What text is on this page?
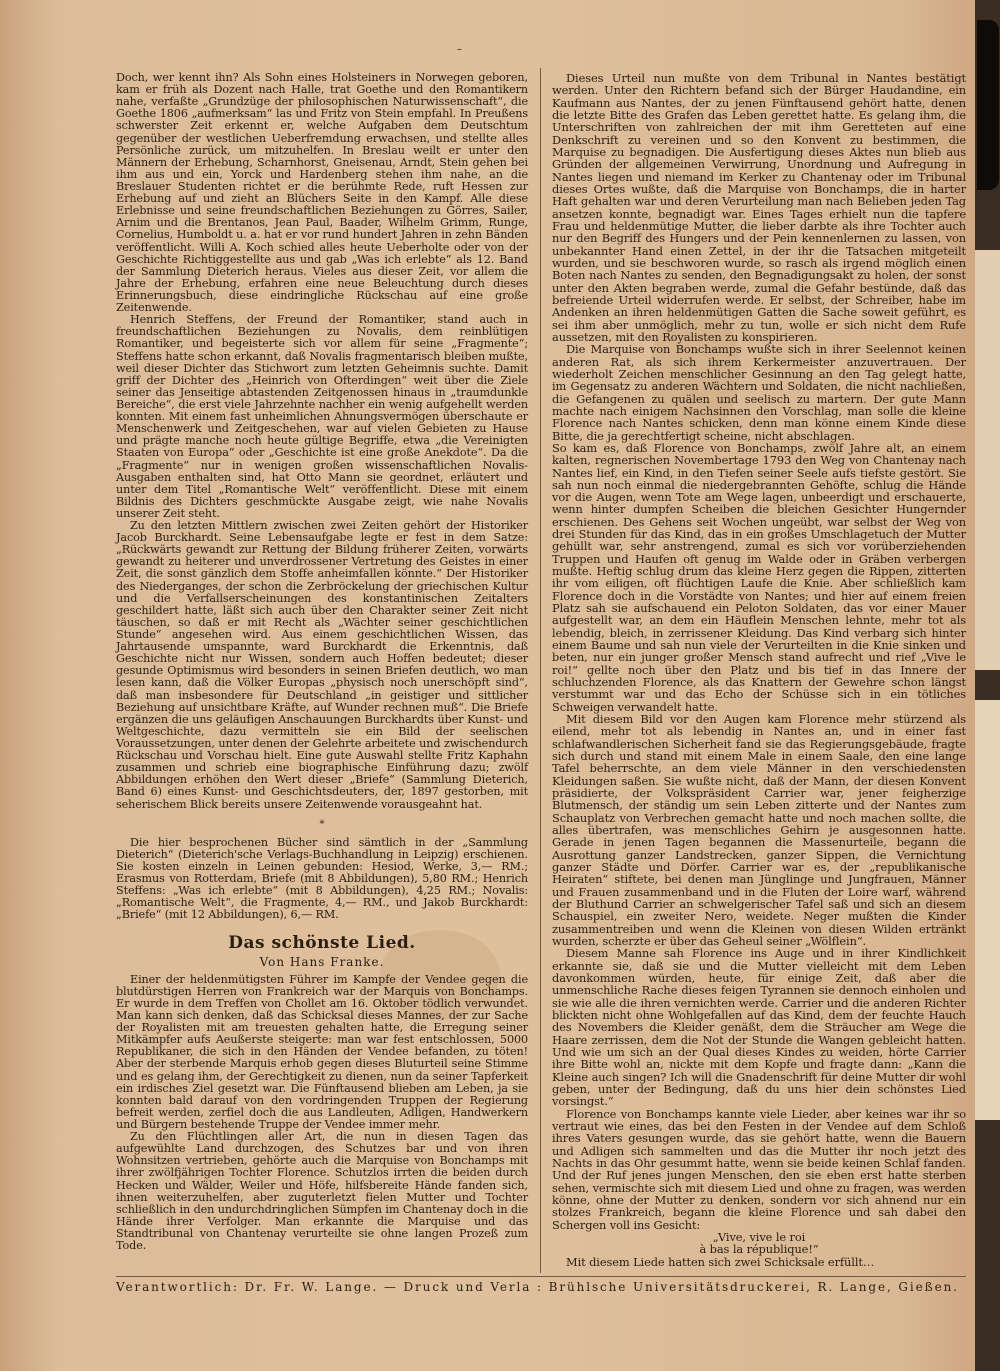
–

Doch, wer kennt ihn? Als Sohn eines Holsteiners in Norwegen geboren, kam er früh als Dozent nach Halle, trat Goethe und den Romantikern nahe, verfaßte „Grundzüge der philosophischen Naturwissenschaft“, die Goethe 1806 „aufmerksam“ las und Fritz von Stein empfahl. In Preußens schwerster Zeit erkennt er, welche Aufgaben dem Deutschtum gegenüber der westlichen Ueberfremdung erwachsen, und stellte alles Persönliche zurück, um mitzuhelfen. In Breslau weilt er unter den Männern der Erhebung, Scharnhorst, Gneisenau, Arndt, Stein gehen bei ihm aus und ein, Yorck und Hardenberg stehen ihm nahe, an die Breslauer Studenten richtet er die berühmte Rede, ruft Hessen zur Erhebung auf und zieht an Blüchers Seite in den Kampf. Alle diese Erlebnisse und seine freundschaftlichen Beziehungen zu Görres, Sailer, Arnim und die Brentanos, Jean Paul, Baader, Wilhelm Grimm, Runge, Cornelius, Humboldt u. a. hat er vor rund hundert Jahren in zehn Bänden veröffentlicht. Willi A. Koch schied alles heute Ueberholte oder von der Geschichte Richtiggestellte aus und gab „Was ich erlebte“ als 12. Band der Sammlung Dieterich heraus. Vieles aus dieser Zeit, vor allem die Jahre der Erhebung, erfahren eine neue Beleuchtung durch dieses Erinnerungsbuch, diese eindringliche Rückschau auf eine große Zeitenwende.

Henrich Steffens, der Freund der Romantiker, stand auch in freundschaftlichen Beziehungen zu Novalis, dem reinblütigen Romantiker, und begeisterte sich vor allem für seine „Fragmente“; Steffens hatte schon erkannt, daß Novalis fragmentarisch bleiben mußte, weil dieser Dichter das Stichwort zum letzten Geheimnis suchte. Damit griff der Dichter des „Heinrich von Ofterdingen“ weit über die Ziele seiner das Jenseitige abtastenden Zeitgenossen hinaus in „traumdunkle Bereiche“, die erst viele Jahrzehnte nachher ein wenig aufgehellt werden konnten. Mit einem fast unheimlichen Ahnungsvermögen überschaute er Menschenwerk und Zeitgeschehen, war auf vielen Gebieten zu Hause und prägte manche noch heute gültige Begriffe, etwa „die Vereinigten Staaten von Europa“ oder „Geschichte ist eine große Anekdote“. Da die „Fragmente“ nur in wenigen großen wissenschaftlichen Novalis-Ausgaben enthalten sind, hat Otto Mann sie geordnet, erläutert und unter dem Titel „Romantische Welt“ veröffentlicht. Diese mit einem Bildnis des Dichters geschmückte Ausgabe zeigt, wie nahe Novalis unserer Zeit steht.

Zu den letzten Mittlern zwischen zwei Zeiten gehört der Historiker Jacob Burckhardt. Seine Lebensaufgabe legte er fest in dem Satze: „Rückwärts gewandt zur Rettung der Bildung früherer Zeiten, vorwärts gewandt zu heiterer und unverdrossener Vertretung des Geistes in einer Zeit, die sonst gänzlich dem Stoffe anheimfallen könnte.“ Der Historiker des Niederganges, der schon die Zerbröckelung der griechischen Kultur und die Verfallserscheinungen des konstantinischen Zeitalters geschildert hatte, läßt sich auch über den Charakter seiner Zeit nicht täuschen, so daß er mit Recht als „Wächter seiner geschichtlichen Stunde“ angesehen wird. Aus einem geschichtlichen Wissen, das Jahrtausende umspannte, ward Burckhardt die Erkenntnis, daß Geschichte nicht nur Wissen, sondern auch Hoffen bedeutet; dieser gesunde Optimismus wird besonders in seinen Briefen deutlich, wo man lesen kann, daß die Völker Europas „physisch noch unerschöpft sind“, daß man insbesondere für Deutschland „in geistiger und sittlicher Beziehung auf unsichtbare Kräfte, auf Wunder rechnen muß“. Die Briefe ergänzen die uns geläufigen Anschauungen Burckhardts über Kunst- und Weltgeschichte, dazu vermitteln sie ein Bild der seelischen Voraussetzungen, unter denen der Gelehrte arbeitete und zwischendurch Rückschau und Vorschau hielt. Eine gute Auswahl stellte Fritz Kaphahn zusammen und schrieb eine biographische Einführung dazu; zwölf Abbildungen erhöhen den Wert dieser „Briefe“ (Sammlung Dieterich, Band 6) eines Kunst- und Geschichtsdeuters, der, 1897 gestorben, mit seherischem Blick bereits unsere Zeitenwende vorausgeahnt hat.

*

Die hier besprochenen Bücher sind sämtlich in der „Sammlung Dieterich“ (Dieterich'sche Verlags-Buchhandlung in Leipzig) erschienen. Sie kosten einzeln in Leinen gebunden: Hesiod, Werke, 3,— RM.; Erasmus von Rotterdam, Briefe (mit 8 Abbildungen), 5,80 RM.; Henrich Steffens: „Was ich erlebte“ (mit 8 Abbildungen), 4,25 RM.; Novalis: „Romantische Welt“, die Fragmente, 4,— RM., und Jakob Burckhardt: „Briefe“ (mit 12 Abbildungen), 6,— RM.

Das schönste Lied.
Von Hans Franke.

Einer der heldenmütigsten Führer im Kampfe der Vendee gegen die blutdürstigen Herren von Frankreich war der Marquis von Bonchamps. Er wurde in dem Treffen von Chollet am 16. Oktober tödlich verwundet. Man kann sich denken, daß das Schicksal dieses Mannes, der zur Sache der Royalisten mit am treuesten gehalten hatte, die Erregung seiner Mitkämpfer aufs Aeußerste steigerte: man war fest entschlossen, 5000 Republikaner, die sich in den Händen der Vendee befanden, zu töten! Aber der sterbende Marquis erhob gegen dieses Bluturteil seine Stimme und es gelang ihm, der Gerechtigkeit zu dienen, nun da seiner Tapferkeit ein irdisches Ziel gesetzt war. Die Fünftausend blieben am Leben, ja sie konnten bald darauf von den vordringenden Truppen der Regierung befreit werden, zerfiel doch die aus Landleuten, Adligen, Handwerkern und Bürgern bestehende Truppe der Vendee immer mehr.

Zu den Flüchtlingen aller Art, die nun in diesen Tagen das aufgewühlte Land durchzogen, des Schutzes bar und von ihren Wohnsitzen vertrieben, gehörte auch die Marquise von Bonchamps mit ihrer zwölfjährigen Tochter Florence. Schutzlos irrten die beiden durch Hecken und Wälder, Weiler und Höfe, hilfsbereite Hände fanden sich, ihnen weiterzuhelfen, aber zuguterletzt fielen Mutter und Tochter schließlich in den undurchdringlichen Sümpfen im Chantenay doch in die Hände ihrer Verfolger. Man erkannte die Marquise und das Standtribunal von Chantenay verurteilte sie ohne langen Prozeß zum Tode.

Dieses Urteil nun mußte von dem Tribunal in Nantes bestätigt werden. Unter den Richtern befand sich der Bürger Haudandine, ein Kaufmann aus Nantes, der zu jenen Fünftausend gehört hatte, denen die letzte Bitte des Grafen das Leben gerettet hatte. Es gelang ihm, die Unterschriften von zahlreichen der mit ihm Geretteten auf eine Denkschrift zu vereinen und so den Konvent zu bestimmen, die Marquise zu begnadigen. Die Ausfertigung dieses Aktes nun blieb aus Gründen der allgemeinen Verwirrung, Unordnung und Aufregung in Nantes liegen und niemand im Kerker zu Chantenay oder im Tribunal dieses Ortes wußte, daß die Marquise von Bonchamps, die in harter Haft gehalten war und deren Verurteilung man nach Belieben jeden Tag ansetzen konnte, begnadigt war. Eines Tages erhielt nun die tapfere Frau und heldenmütige Mutter, die lieber darbte als ihre Tochter auch nur den Begriff des Hungers und der Pein kennenlernen zu lassen, von unbekannter Hand einen Zettel, in der ihr die Tatsachen mitgeteilt wurden, und sie beschworen wurde, so rasch als irgend möglich einen Boten nach Nantes zu senden, den Begnadigungsakt zu holen, der sonst unter den Akten begraben werde, zumal die Gefahr bestünde, daß das befreiende Urteil widerrufen werde. Er selbst, der Schreiber, habe im Andenken an ihren heldenmütigen Gatten die Sache soweit geführt, es sei ihm aber unmöglich, mehr zu tun, wolle er sich nicht dem Rufe aussetzen, mit den Royalisten zu konspirieren.

Die Marquise von Bonchamps wußte sich in ihrer Seelennot keinen anderen Rat, als sich ihrem Kerkermeister anzuvertrauen. Der wiederholt Zeichen menschlicher Gesinnung an den Tag gelegt hatte, im Gegensatz zu anderen Wächtern und Soldaten, die nicht nachließen, die Gefangenen zu quälen und seelisch zu martern. Der gute Mann machte nach einigem Nachsinnen den Vorschlag, man solle die kleine Florence nach Nantes schicken, denn man könne einem Kinde diese Bitte, die ja gerechtfertigt scheine, nicht abschlagen.

So kam es, daß Florence von Bonchamps, zwölf Jahre alt, an einem kalten, regnerischen Novembertage 1793 den Weg von Chantenay nach Nantes lief, ein Kind, in den Tiefen seiner Seele aufs tiefste gestört. Sie sah nun noch einmal die niedergebrannten Gehöfte, schlug die Hände vor die Augen, wenn Tote am Wege lagen, unbeerdigt und erschauerte, wenn hinter dumpfen Scheiben die bleichen Gesichter Hungernder erschienen. Des Gehens seit Wochen ungeübt, war selbst der Weg von drei Stunden für das Kind, das in ein großes Umschlagetuch der Mutter gehüllt war, sehr anstrengend, zumal es sich vor vorüberziehenden Truppen und Haufen oft genug im Walde oder in Gräben verbergen mußte. Heftig schlug drum das kleine Herz gegen die Rippen, zitterten ihr vom eiligen, oft flüchtigen Laufe die Knie. Aber schließlich kam Florence doch in die Vorstädte von Nantes; und hier auf einem freien Platz sah sie aufschauend ein Peloton Soldaten, das vor einer Mauer aufgestellt war, an dem ein Häuflein Menschen lehnte, mehr tot als lebendig, bleich, in zerrissener Kleidung. Das Kind verbarg sich hinter einem Baume und sah nun viele der Verurteilten in die Knie sinken und beten, nur ein junger großer Mensch stand aufrecht und rief „Vive le roi!“ gellte noch über den Platz und bis tief in das Innere der schluchzenden Florence, als das Knattern der Gewehre schon längst verstummt war und das Echo der Schüsse sich in ein tötliches Schweigen verwandelt hatte.

Mit diesem Bild vor den Augen kam Florence mehr stürzend als eilend, mehr tot als lebendig in Nantes an, und in einer fast schlafwandlerischen Sicherheit fand sie das Regierungsgebäude, fragte sich durch und stand mit einem Male in einem Saale, den eine lange Tafel beherrschte, an dem viele Männer in den verschiedensten Kleidungen saßen. Sie wußte nicht, daß der Mann, der diesen Konvent präsidierte, der Volkspräsident Carrier war, jener feigherzige Blutmensch, der ständig um sein Leben zitterte und der Nantes zum Schauplatz von Verbrechen gemacht hatte und noch machen sollte, die alles übertrafen, was menschliches Gehirn je ausgesonnen hatte. Gerade in jenen Tagen begannen die Massenurteile, begann die Ausrottung ganzer Landstrecken, ganzer Sippen, die Vernichtung ganzer Städte und Dörfer. Carrier war es, der „republikanische Heiraten“ stiftete, bei denen man Jünglinge und Jungfrauen, Männer und Frauen zusammenband und in die Fluten der Loire warf, während der Bluthund Carrier an schwelgerischer Tafel saß und sich an diesem Schauspiel, ein zweiter Nero, weidete. Neger mußten die Kinder zusammentreiben und wenn die Kleinen von diesen Wilden ertränkt wurden, scherzte er über das Geheul seiner „Wölflein“.

Diesem Manne sah Florence ins Auge und in ihrer Kindlichkeit erkannte sie, daß sie und die Mutter vielleicht mit dem Leben davonkommen würden, heute, für einige Zeit, daß aber die unmenschliche Rache dieses feigen Tyrannen sie dennoch einholen und sie wie alle die ihren vernichten werde. Carrier und die anderen Richter blickten nicht ohne Wohlgefallen auf das Kind, dem der feuchte Hauch des Novembers die Kleider genäßt, dem die Sträucher am Wege die Haare zerrissen, dem die Not der Stunde die Wangen gebleicht hatten. Und wie um sich an der Qual dieses Kindes zu weiden, hörte Carrier ihre Bitte wohl an, nickte mit dem Kopfe und fragte dann: „Kann die Kleine auch singen? Ich will die Gnadenschrift für deine Mutter dir wohl geben, unter der Bedingung, daß du uns hier dein schönstes Lied vorsingst.“

Florence von Bonchamps kannte viele Lieder, aber keines war ihr so vertraut wie eines, das bei den Festen in der Vendee auf dem Schloß ihres Vaters gesungen wurde, das sie gehört hatte, wenn die Bauern und Adligen sich sammelten und das die Mutter ihr noch jetzt des Nachts in das Ohr gesummt hatte, wenn sie beide keinen Schlaf fanden. Und der Ruf jenes jungen Menschen, den sie eben erst hatte sterben sehen, vermischte sich mit diesem Lied und ohne zu fragen, was werden könne, ohne der Mutter zu denken, sondern vor sich ahnend nur ein stolzes Frankreich, begann die kleine Florence und sah dabei den Schergen voll ins Gesicht:

„Vive, vive le roi

à bas la république!“

Mit diesem Liede hatten sich zwei Schicksale erfüllt…

Verantwortlich: Dr. Fr. W. Lange. — Druck und Verla : Brühlsche Universitätsdruckerei, R. Lange, Gießen.
